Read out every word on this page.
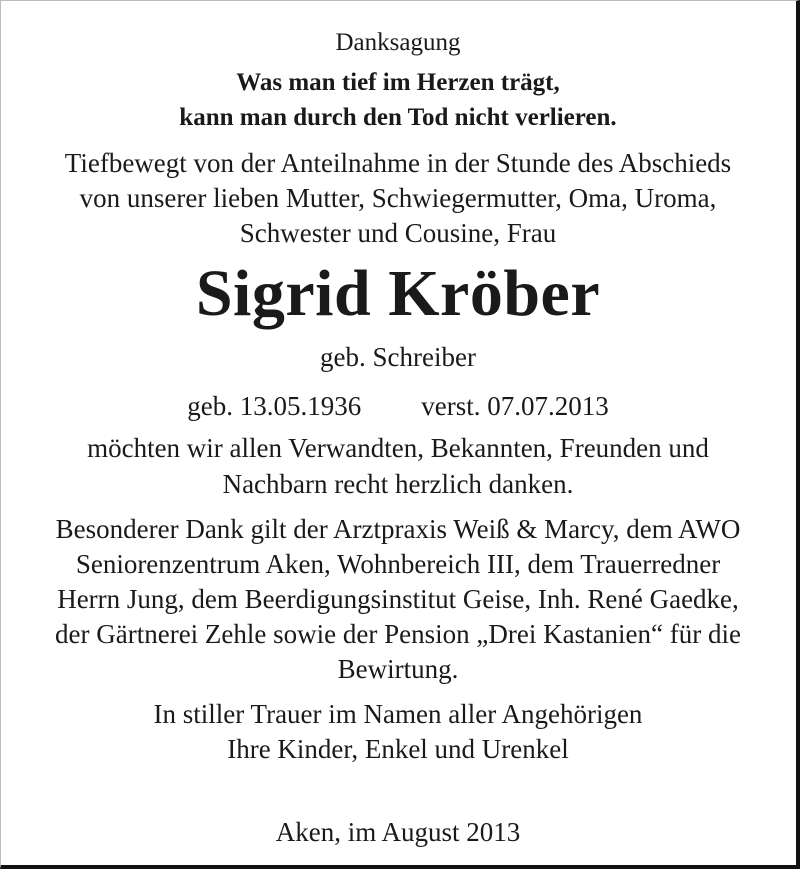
Danksagung
Was man tief im Herzen trägt,
kann man durch den Tod nicht verlieren.
Tiefbewegt von der Anteilnahme in der Stunde des Abschieds
von unserer lieben Mutter, Schwiegermutter, Oma, Uroma,
Schwester und Cousine, Frau
Sigrid Kröber
geb. Schreiber
geb. 13.05.1936 verst. 07.07.2013
möchten wir allen Verwandten, Bekannten, Freunden und
Nachbarn recht herzlich danken.
Besonderer Dank gilt der Arztpraxis Weiß & Marcy, dem AWO
Seniorenzentrum Aken, Wohnbereich III, dem Trauerredner
Herrn Jung, dem Beerdigungsinstitut Geise, Inh. René Gaedke,
der Gärtnerei Zehle sowie der Pension „Drei Kastanien“ für die
Bewirtung.
In stiller Trauer im Namen aller Angehörigen
Ihre Kinder, Enkel und Urenkel
Aken, im August 2013
